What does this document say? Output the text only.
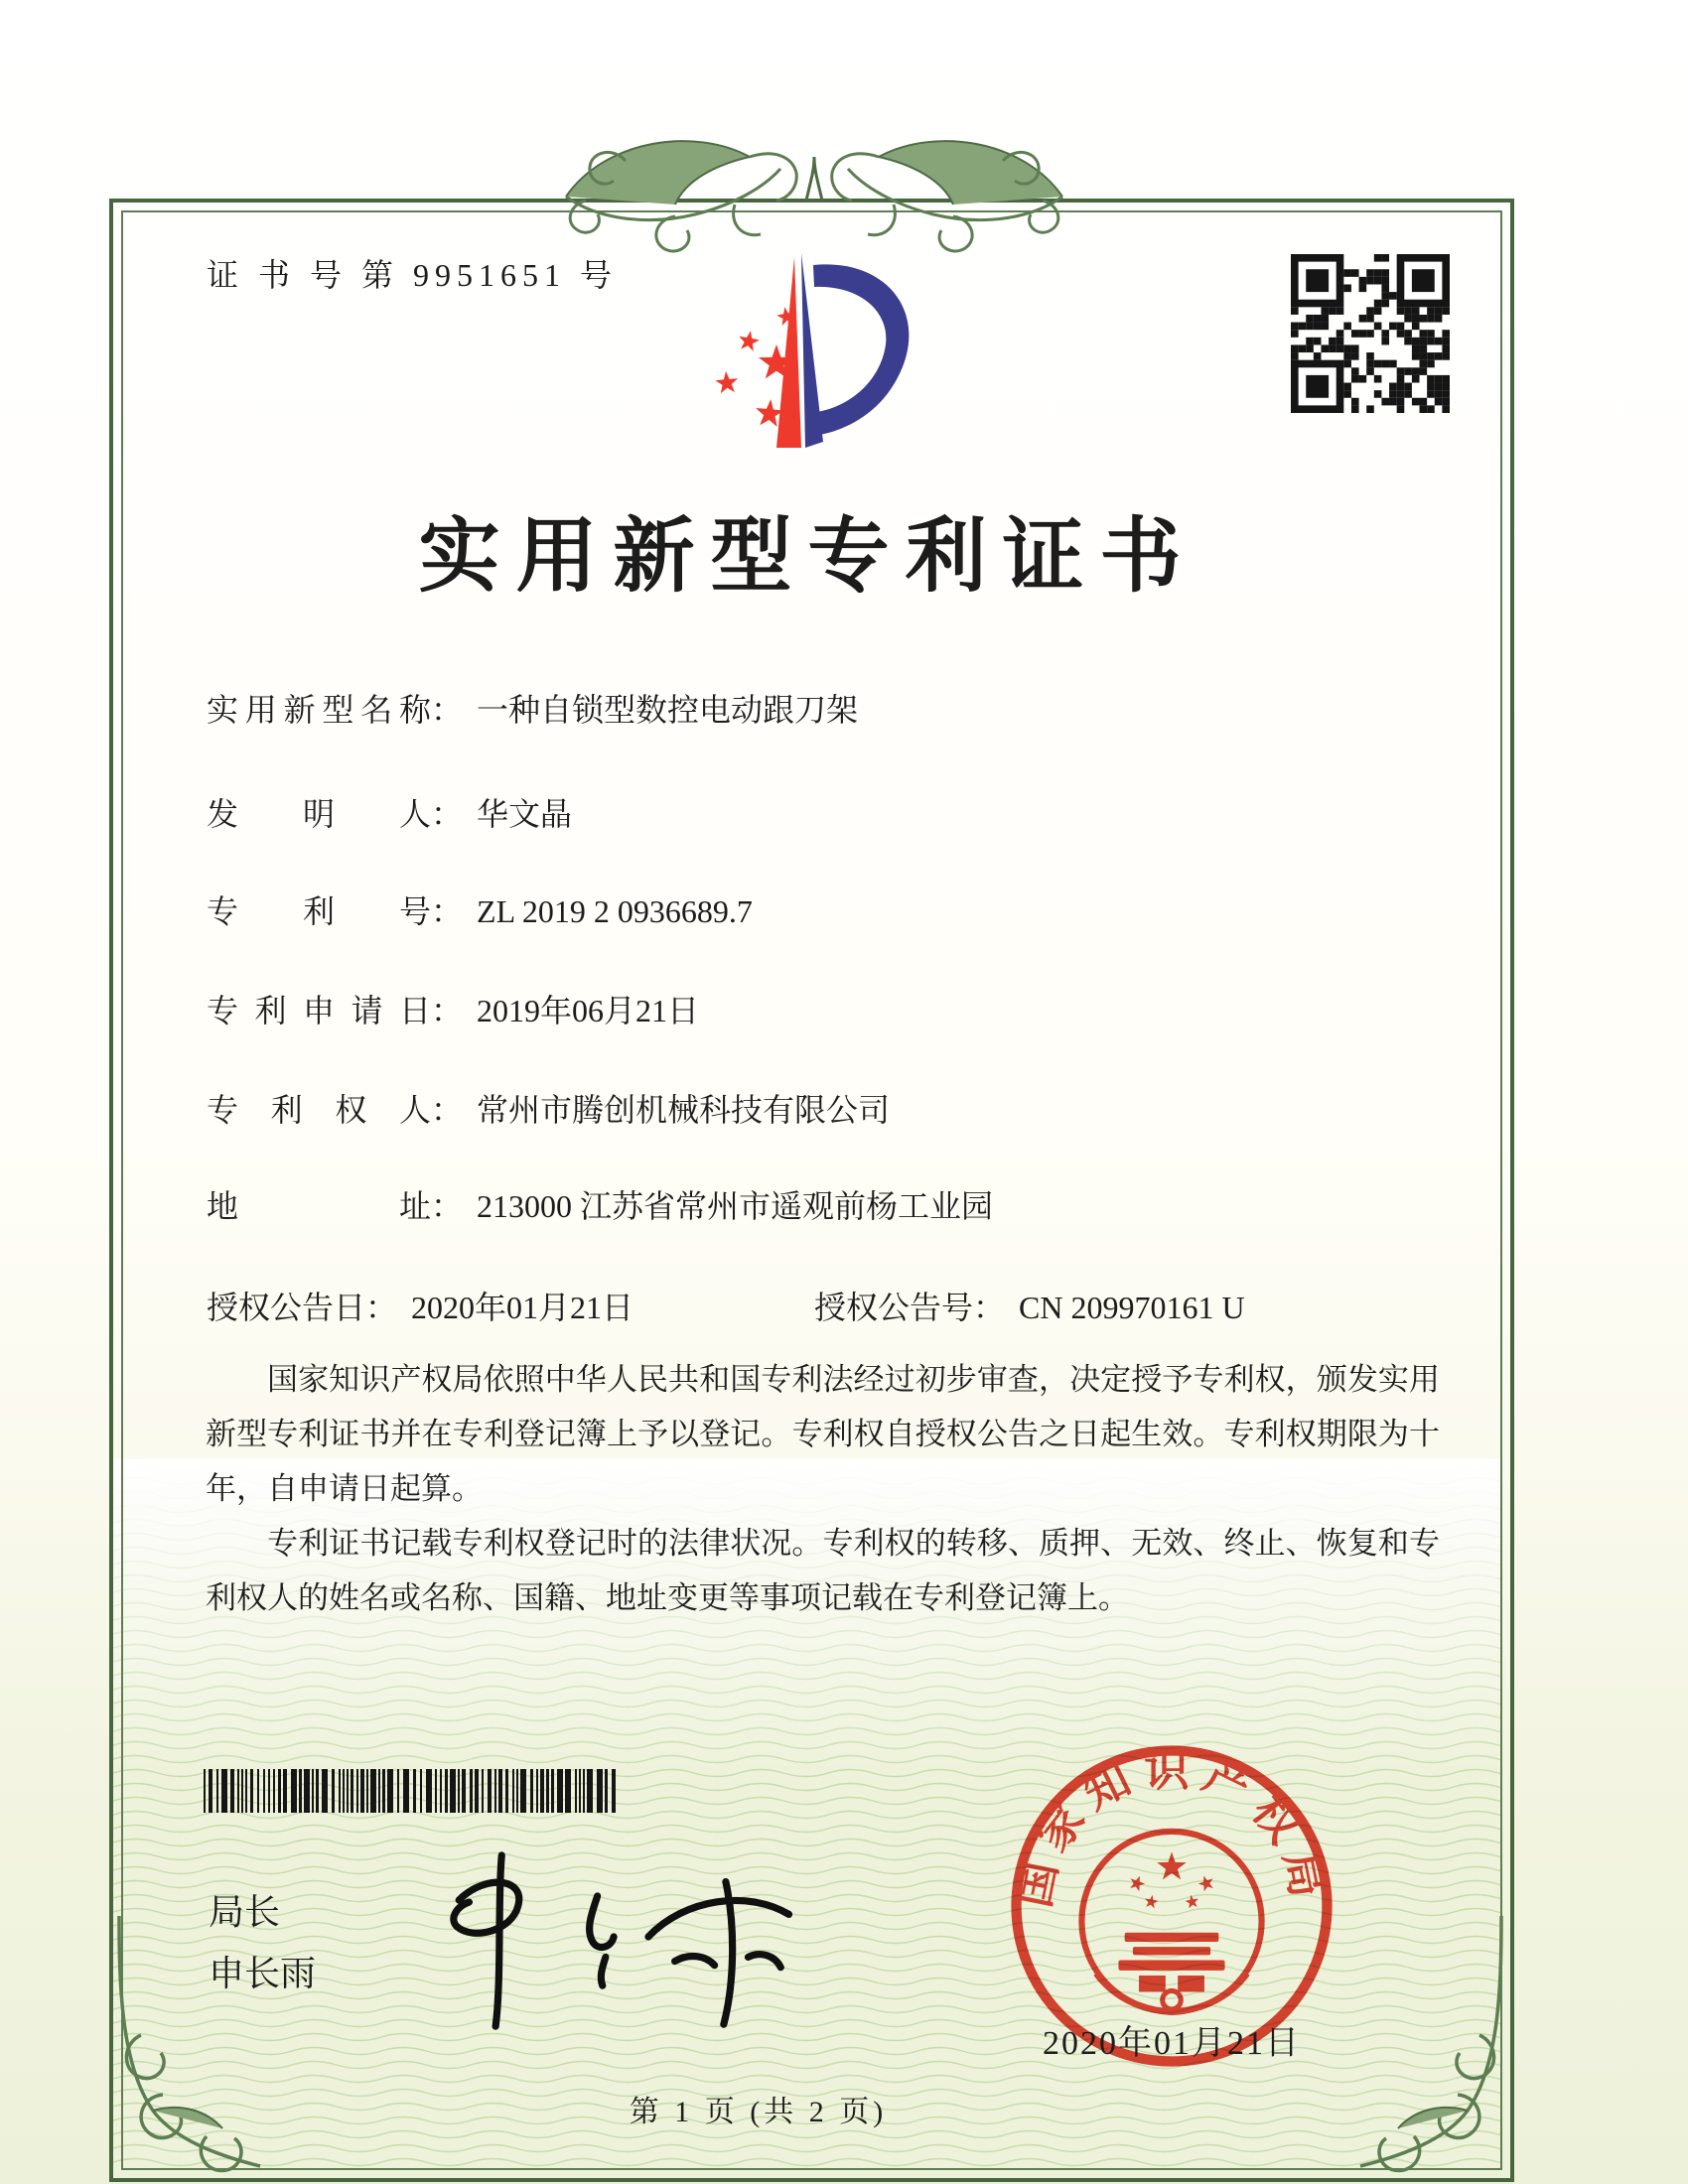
证 书 号 第 9951651 号
实用新型专利证书
实用新型名称： 一种自锁型数控电动跟刀架
发明人： 华文晶
专利号： ZL 2019 2 0936689.7
专利申请日： 2019年06月21日
专利权人： 常州市腾创机械科技有限公司
地址： 213000 江苏省常州市遥观前杨工业园
授权公告日： 2020年01月21日	授权公告号： CN 209970161 U

国家知识产权局依照中华人民共和国专利法经过初步审查，决定授予专利权，颁发实用新型专利证书并在专利登记簿上予以登记。专利权自授权公告之日起生效。专利权期限为十年，自申请日起算。

专利证书记载专利权登记时的法律状况。专利权的转移、质押、无效、终止、恢复和专利权人的姓名或名称、国籍、地址变更等事项记载在专利登记簿上。

局长
申长雨
国家知识产权局
2020年01月21日
第 1 页 (共 2 页)
